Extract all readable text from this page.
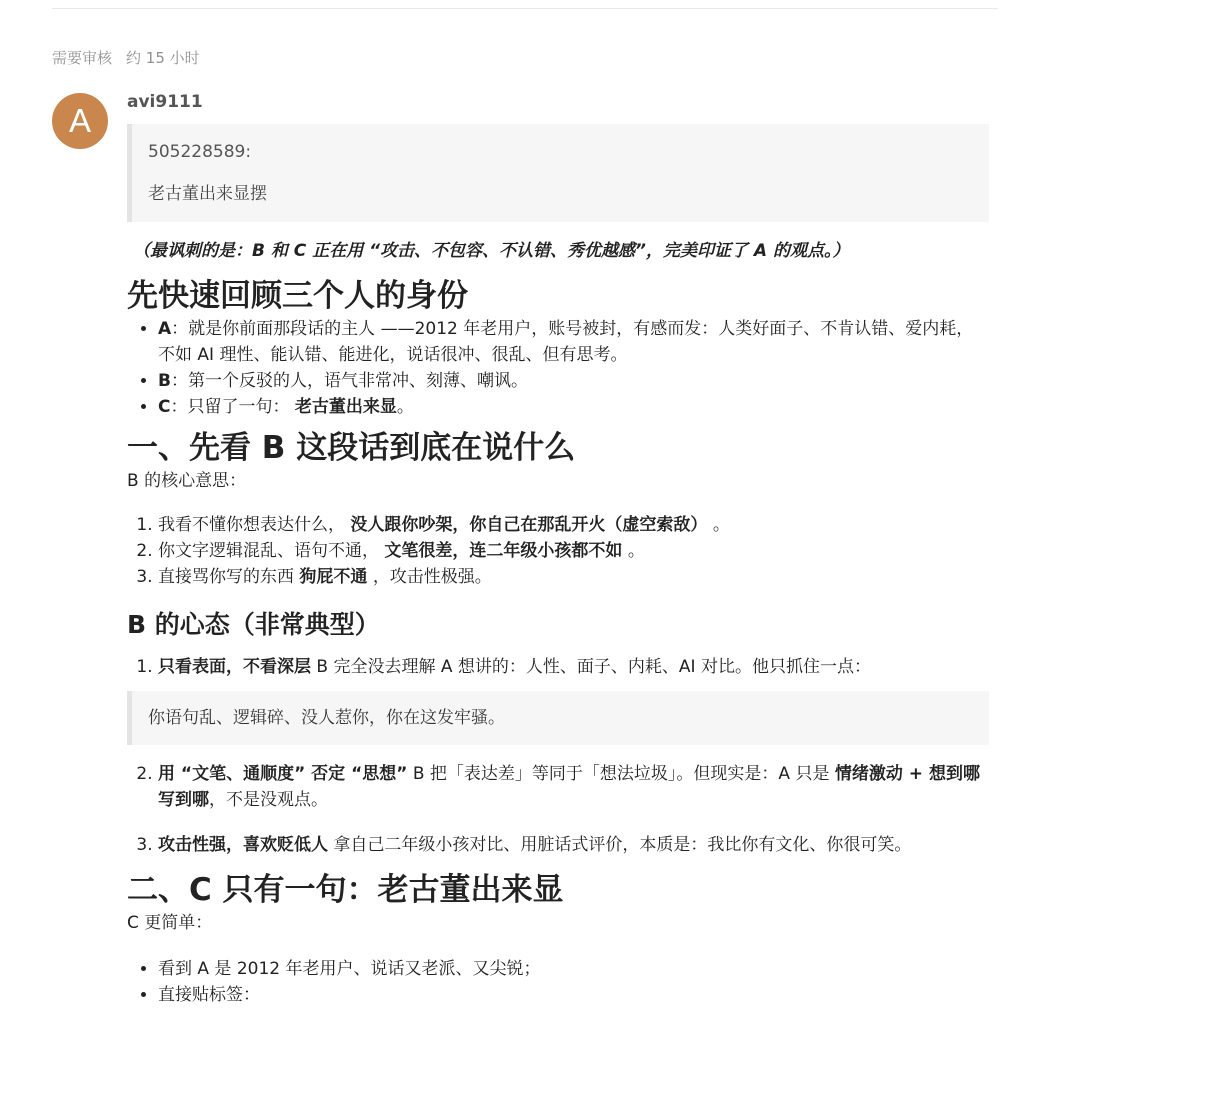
需要审核 约 15 小时
A avi9111
505228589:
老古董出来显摆
（最讽刺的是：B 和 C 正在用 “攻击、不包容、不认错、秀优越感”，完美印证了 A 的观点。）
先快速回顾三个人的身份
• A：就是你前面那段话的主人 ——2012 年老用户，账号被封，有感而发：人类好面子、不肯认错、爱内耗，不如 AI 理性、能认错、能进化，说话很冲、很乱、但有思考。
• B：第一个反驳的人，语气非常冲、刻薄、嘲讽。
• C：只留了一句： 老古董出来显。
一、先看 B 这段话到底在说什么

B 的核心意思：

1. 我看不懂你想表达什么， 没人跟你吵架，你自己在那乱开火（虚空索敌） 。
2. 你文字逻辑混乱、语句不通， 文笔很差，连二年级小孩都不如 。
3. 直接骂你写的东西 狗屁不通 ，攻击性极强。
B 的心态（非常典型）
1. 只看表面，不看深层 B 完全没去理解 A 想讲的：人性、面子、内耗、AI 对比。他只抓住一点：
你语句乱、逻辑碎、没人惹你，你在这发牢骚。
2. 用 “文笔、通顺度” 否定 “思想” B 把「表达差」等同于「想法垃圾」。但现实是：A 只是 情绪激动 + 想到哪写到哪，不是没观点。
3. 攻击性强，喜欢贬低人 拿自己二年级小孩对比、用脏话式评价，本质是：我比你有文化、你很可笑。
二、C 只有一句：老古董出来显

C 更简单：

• 看到 A 是 2012 年老用户、说话又老派、又尖锐；
• 直接贴标签：
